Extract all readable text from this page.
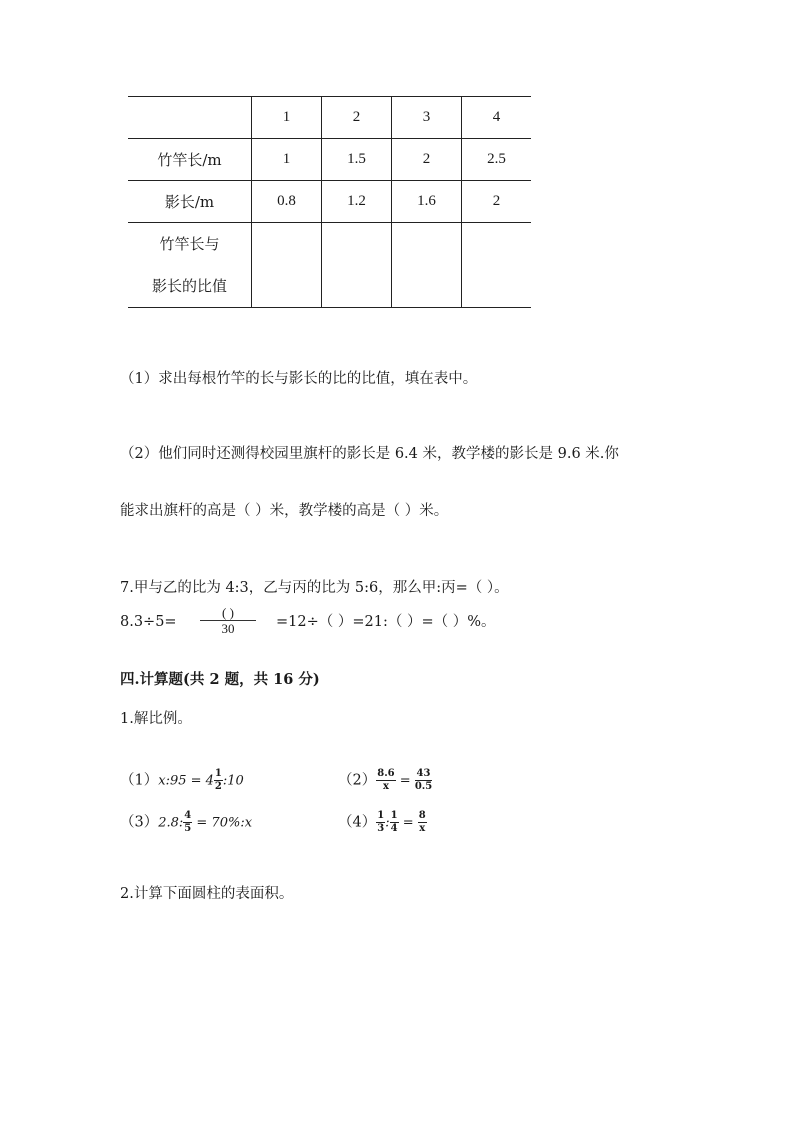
	1	2	3	4
竹竿长/m	1	1.5	2	2.5
影长/m	0.8	1.2	1.6	2

竹竿长与
影长的比值				

（1）求出每根竹竿的长与影长的比的比值，填在表中。
（2）他们同时还测得校园里旗杆的影长是 6.4 米，教学楼的影长是 9.6 米.你
能求出旗杆的高是（ ）米，教学楼的高是（ ）米。
7.甲与乙的比为 4:3，乙与丙的比为 5:6，那么甲:丙=（ ）。
8.3÷5=
( )
30	=12÷（ ）=21:（ ）=（ ）%。
四.计算题(共 2 题，共 16 分)
1.解比例。
（1）x:95 = $4 \frac{1}{2}$ :10	$(2) \frac{8.6}{x} = \frac{43}{0.5}$
（3）2.8: $\frac{4}{5}$ = 70%:x	$(4) \frac{1}{3}$ : $\frac{1}{4} = \frac{8}{x}$
2.计算下面圆柱的表面积。
